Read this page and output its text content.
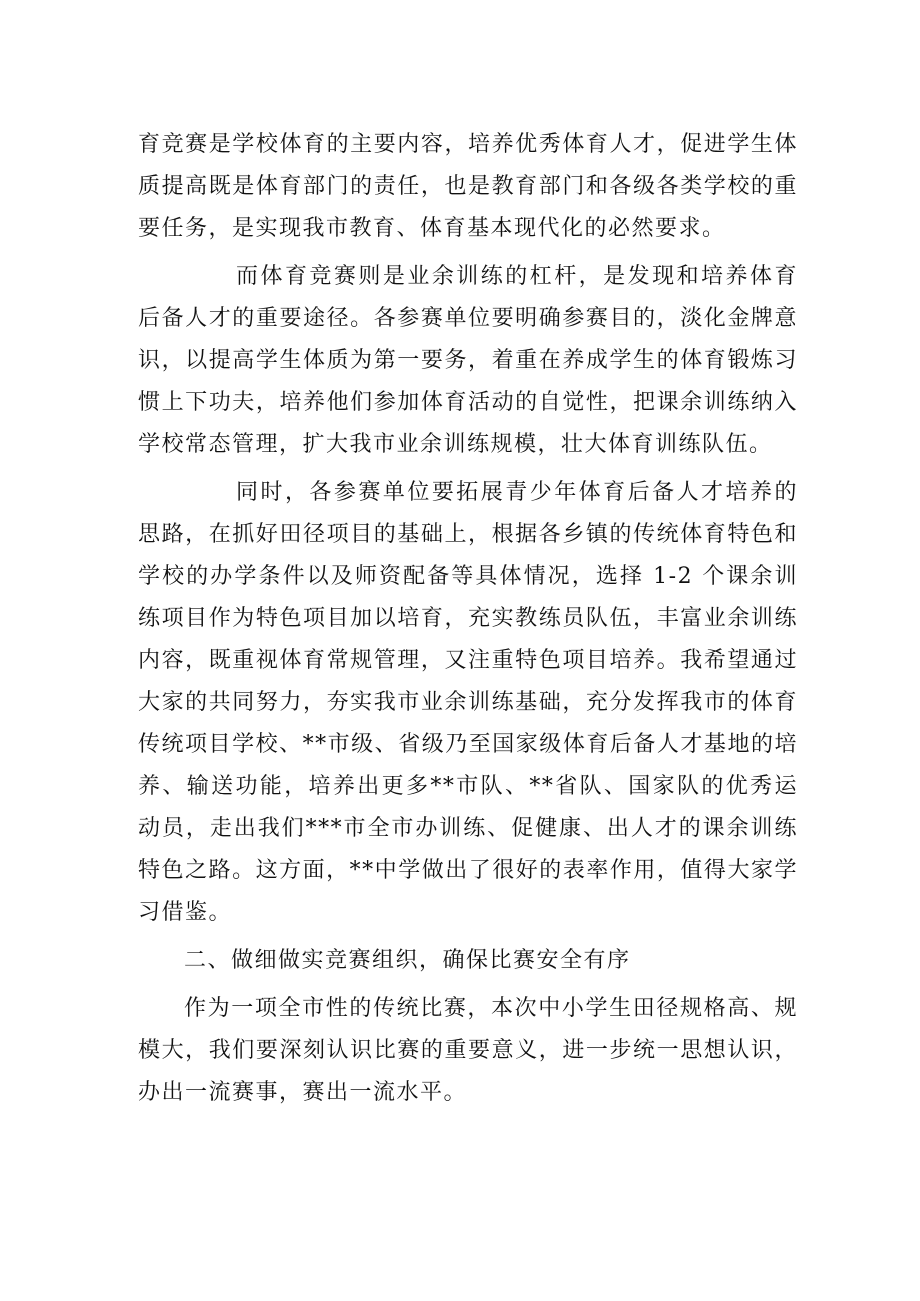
育竞赛是学校体育的主要内容，培养优秀体育人才，促进学生体质提高既是体育部门的责任，也是教育部门和各级各类学校的重要任务，是实现我市教育、体育基本现代化的必然要求。

而体育竞赛则是业余训练的杠杆，是发现和培养体育后备人才的重要途径。各参赛单位要明确参赛目的，淡化金牌意识，以提高学生体质为第一要务，着重在养成学生的体育锻炼习惯上下功夫，培养他们参加体育活动的自觉性，把课余训练纳入学校常态管理，扩大我市业余训练规模，壮大体育训练队伍。

同时，各参赛单位要拓展青少年体育后备人才培养的思路，在抓好田径项目的基础上，根据各乡镇的传统体育特色和学校的办学条件以及师资配备等具体情况，选择 1-2 个课余训练项目作为特色项目加以培育，充实教练员队伍，丰富业余训练内容，既重视体育常规管理，又注重特色项目培养。我希望通过大家的共同努力，夯实我市业余训练基础，充分发挥我市的体育传统项目学校、**市级、省级乃至国家级体育后备人才基地的培养、输送功能，培养出更多**市队、**省队、国家队的优秀运动员，走出我们***市全市办训练、促健康、出人才的课余训练特色之路。这方面，**中学做出了很好的表率作用，值得大家学习借鉴。

二、做细做实竞赛组织，确保比赛安全有序

作为一项全市性的传统比赛，本次中小学生田径规格高、规模大，我们要深刻认识比赛的重要意义，进一步统一思想认识，办出一流赛事，赛出一流水平。
